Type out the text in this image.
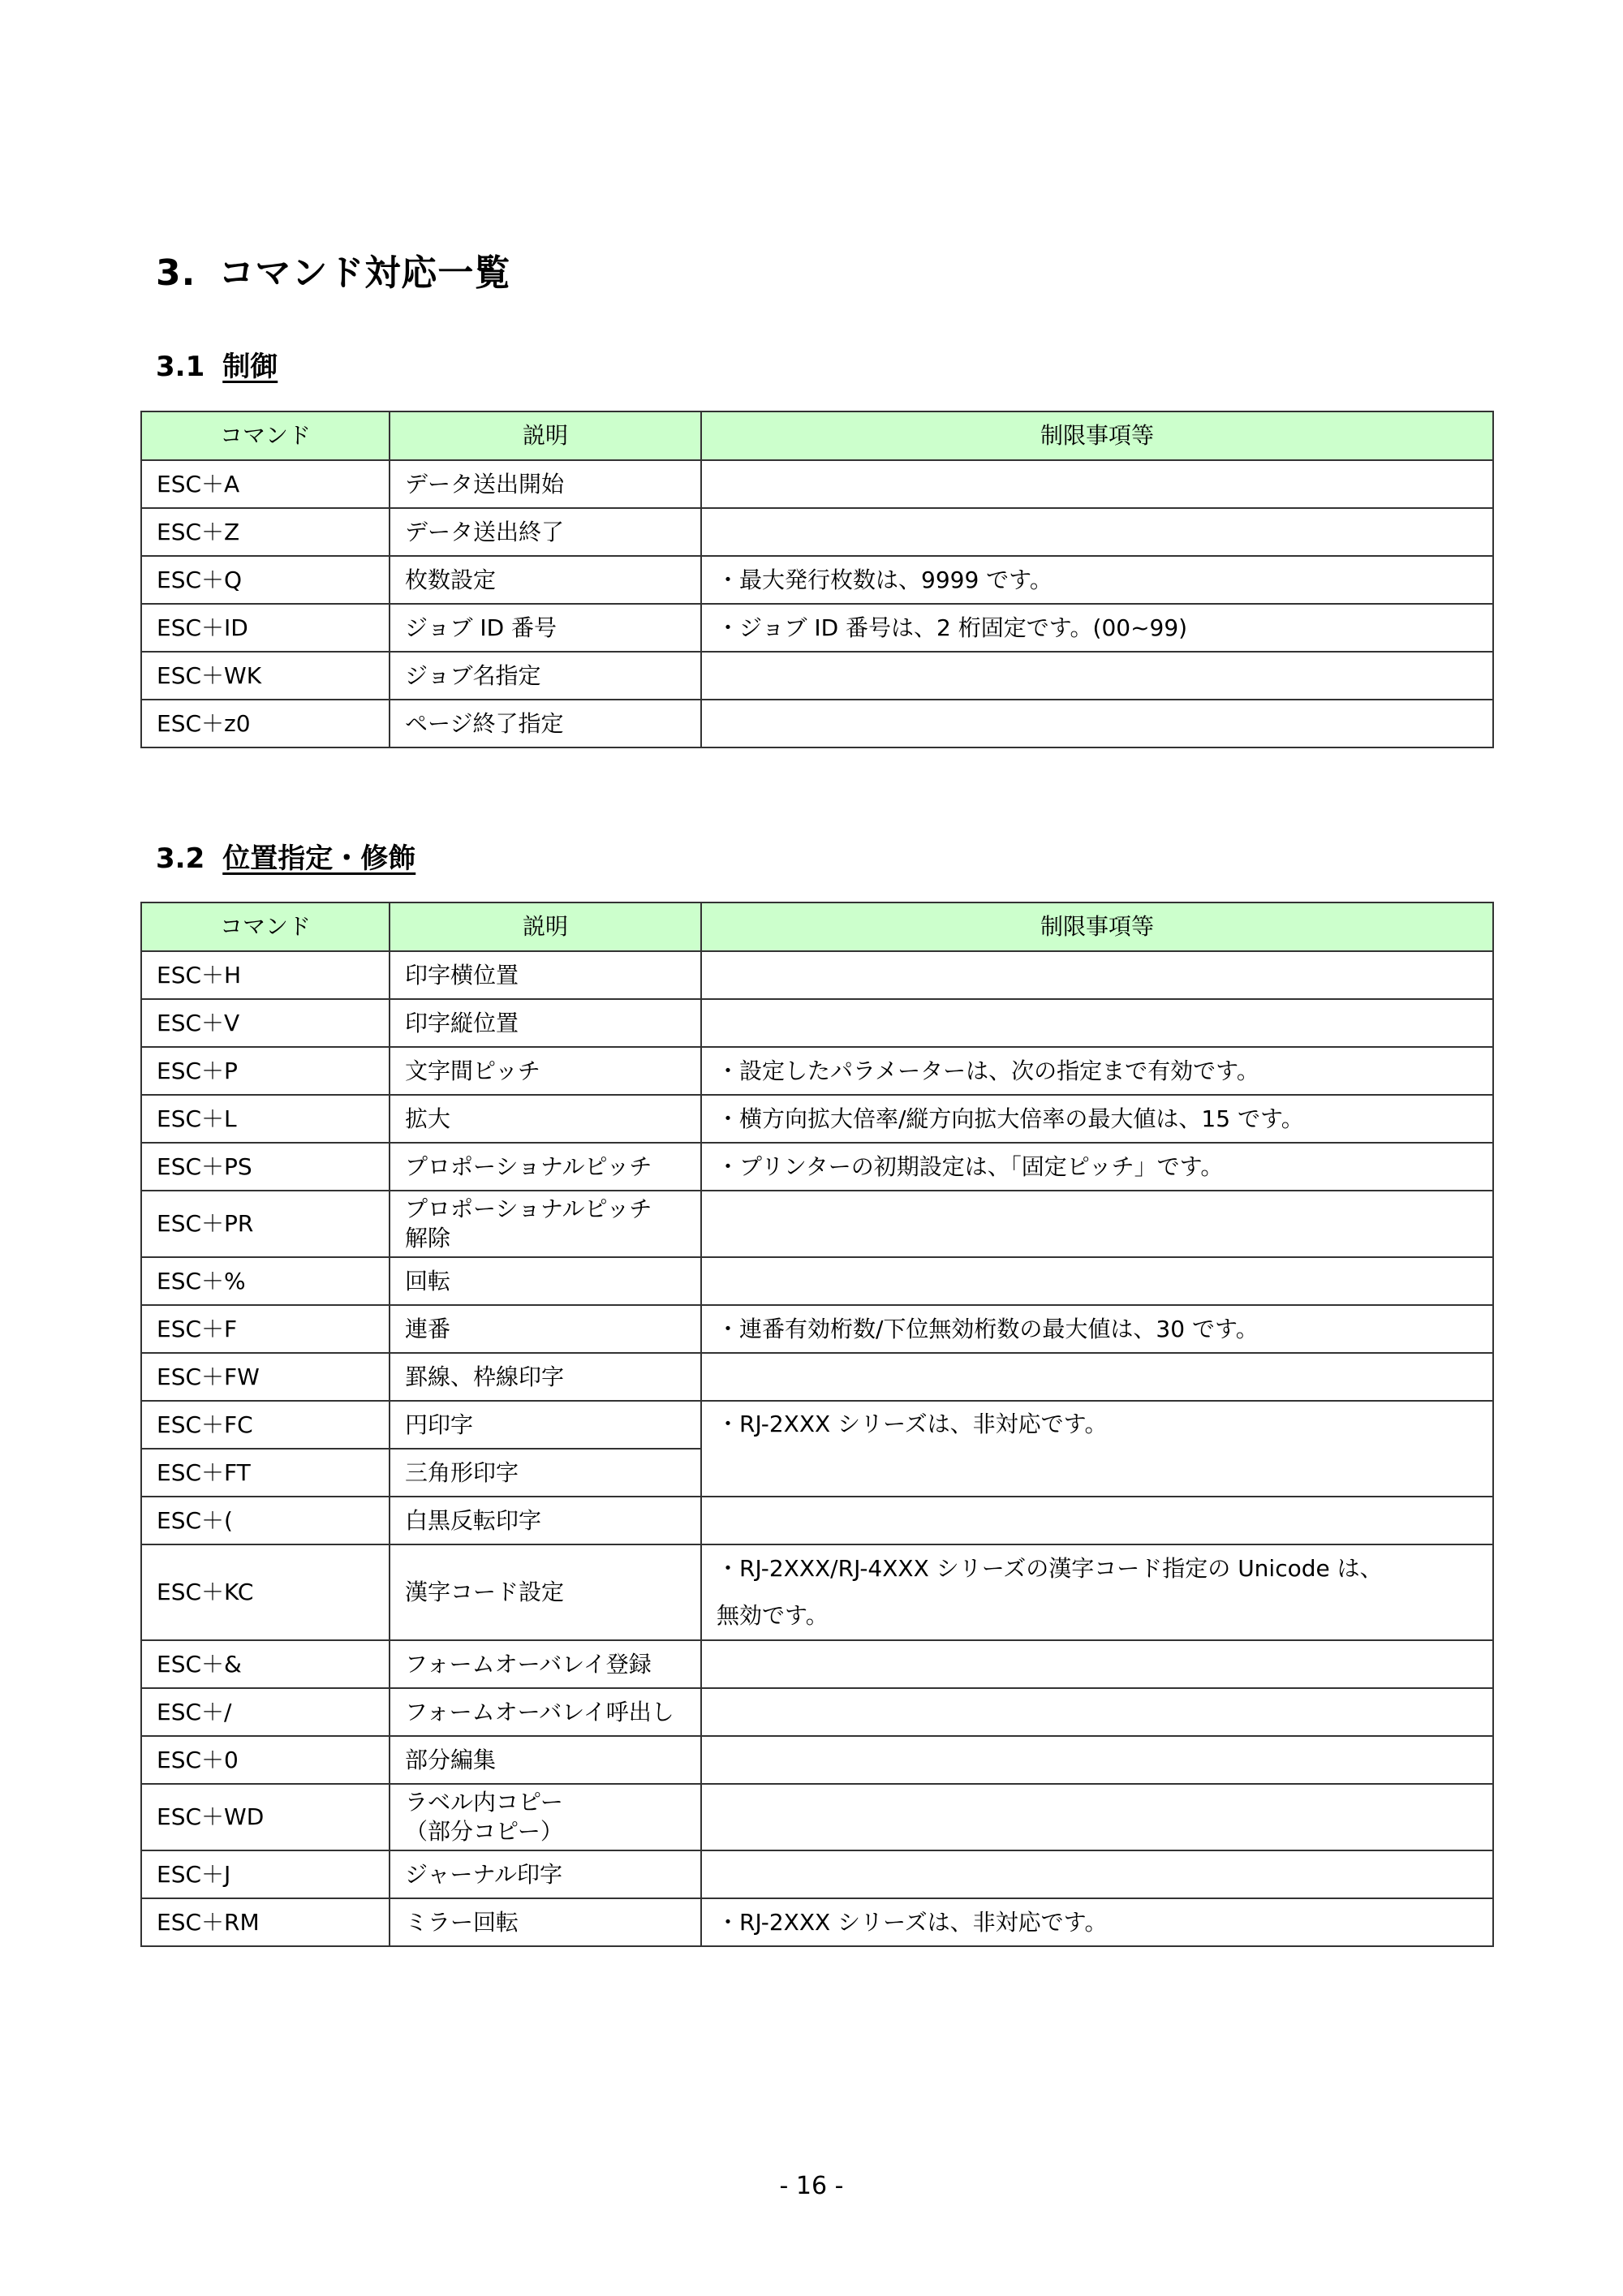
3. コマンド対応一覧
3.1 制御
コマンド	説明	制限事項等
ESC＋A	データ送出開始	
ESC＋Z	データ送出終了	
ESC＋Q	枚数設定	・最大発行枚数は、9999 です。
ESC＋ID	ジョブ ID 番号	・ジョブ ID 番号は、2 桁固定です。(00~99)
ESC＋WK	ジョブ名指定	
ESC＋z0	ページ終了指定	
3.2 位置指定・修飾
コマンド	説明	制限事項等
ESC＋H	印字横位置	
ESC＋V	印字縦位置	
ESC＋P	文字間ピッチ	・設定したパラメーターは、次の指定まで有効です。
ESC＋L	拡大	・横方向拡大倍率/縦方向拡大倍率の最大値は、15 です。
ESC＋PS	プロポーショナルピッチ	・プリンターの初期設定は、「固定ピッチ」です。
ESC＋PR	プロポーショナルピッチ
解除	

ESC＋%	回転	
ESC＋F	連番	・連番有効桁数/下位無効桁数の最大値は、30 です。
ESC＋FW	罫線、枠線印字	
ESC＋FC	円印字	・RJ-2XXX シリーズは、非対応です。
ESC＋FT	三角形印字	
ESC＋(	白黒反転印字	
ESC＋KC	漢字コード設定	・RJ-2XXX/RJ-4XXX シリーズの漢字コード指定の Unicode は、
無効です。

ESC＋&	フォームオーバレイ登録	
ESC＋/	フォームオーバレイ呼出し	
ESC＋0	部分編集	
ESC＋WD	ラベル内コピー
（部分コピー）	

ESC＋J	ジャーナル印字	
ESC＋RM	ミラー回転	・RJ-2XXX シリーズは、非対応です。
- 16 -
